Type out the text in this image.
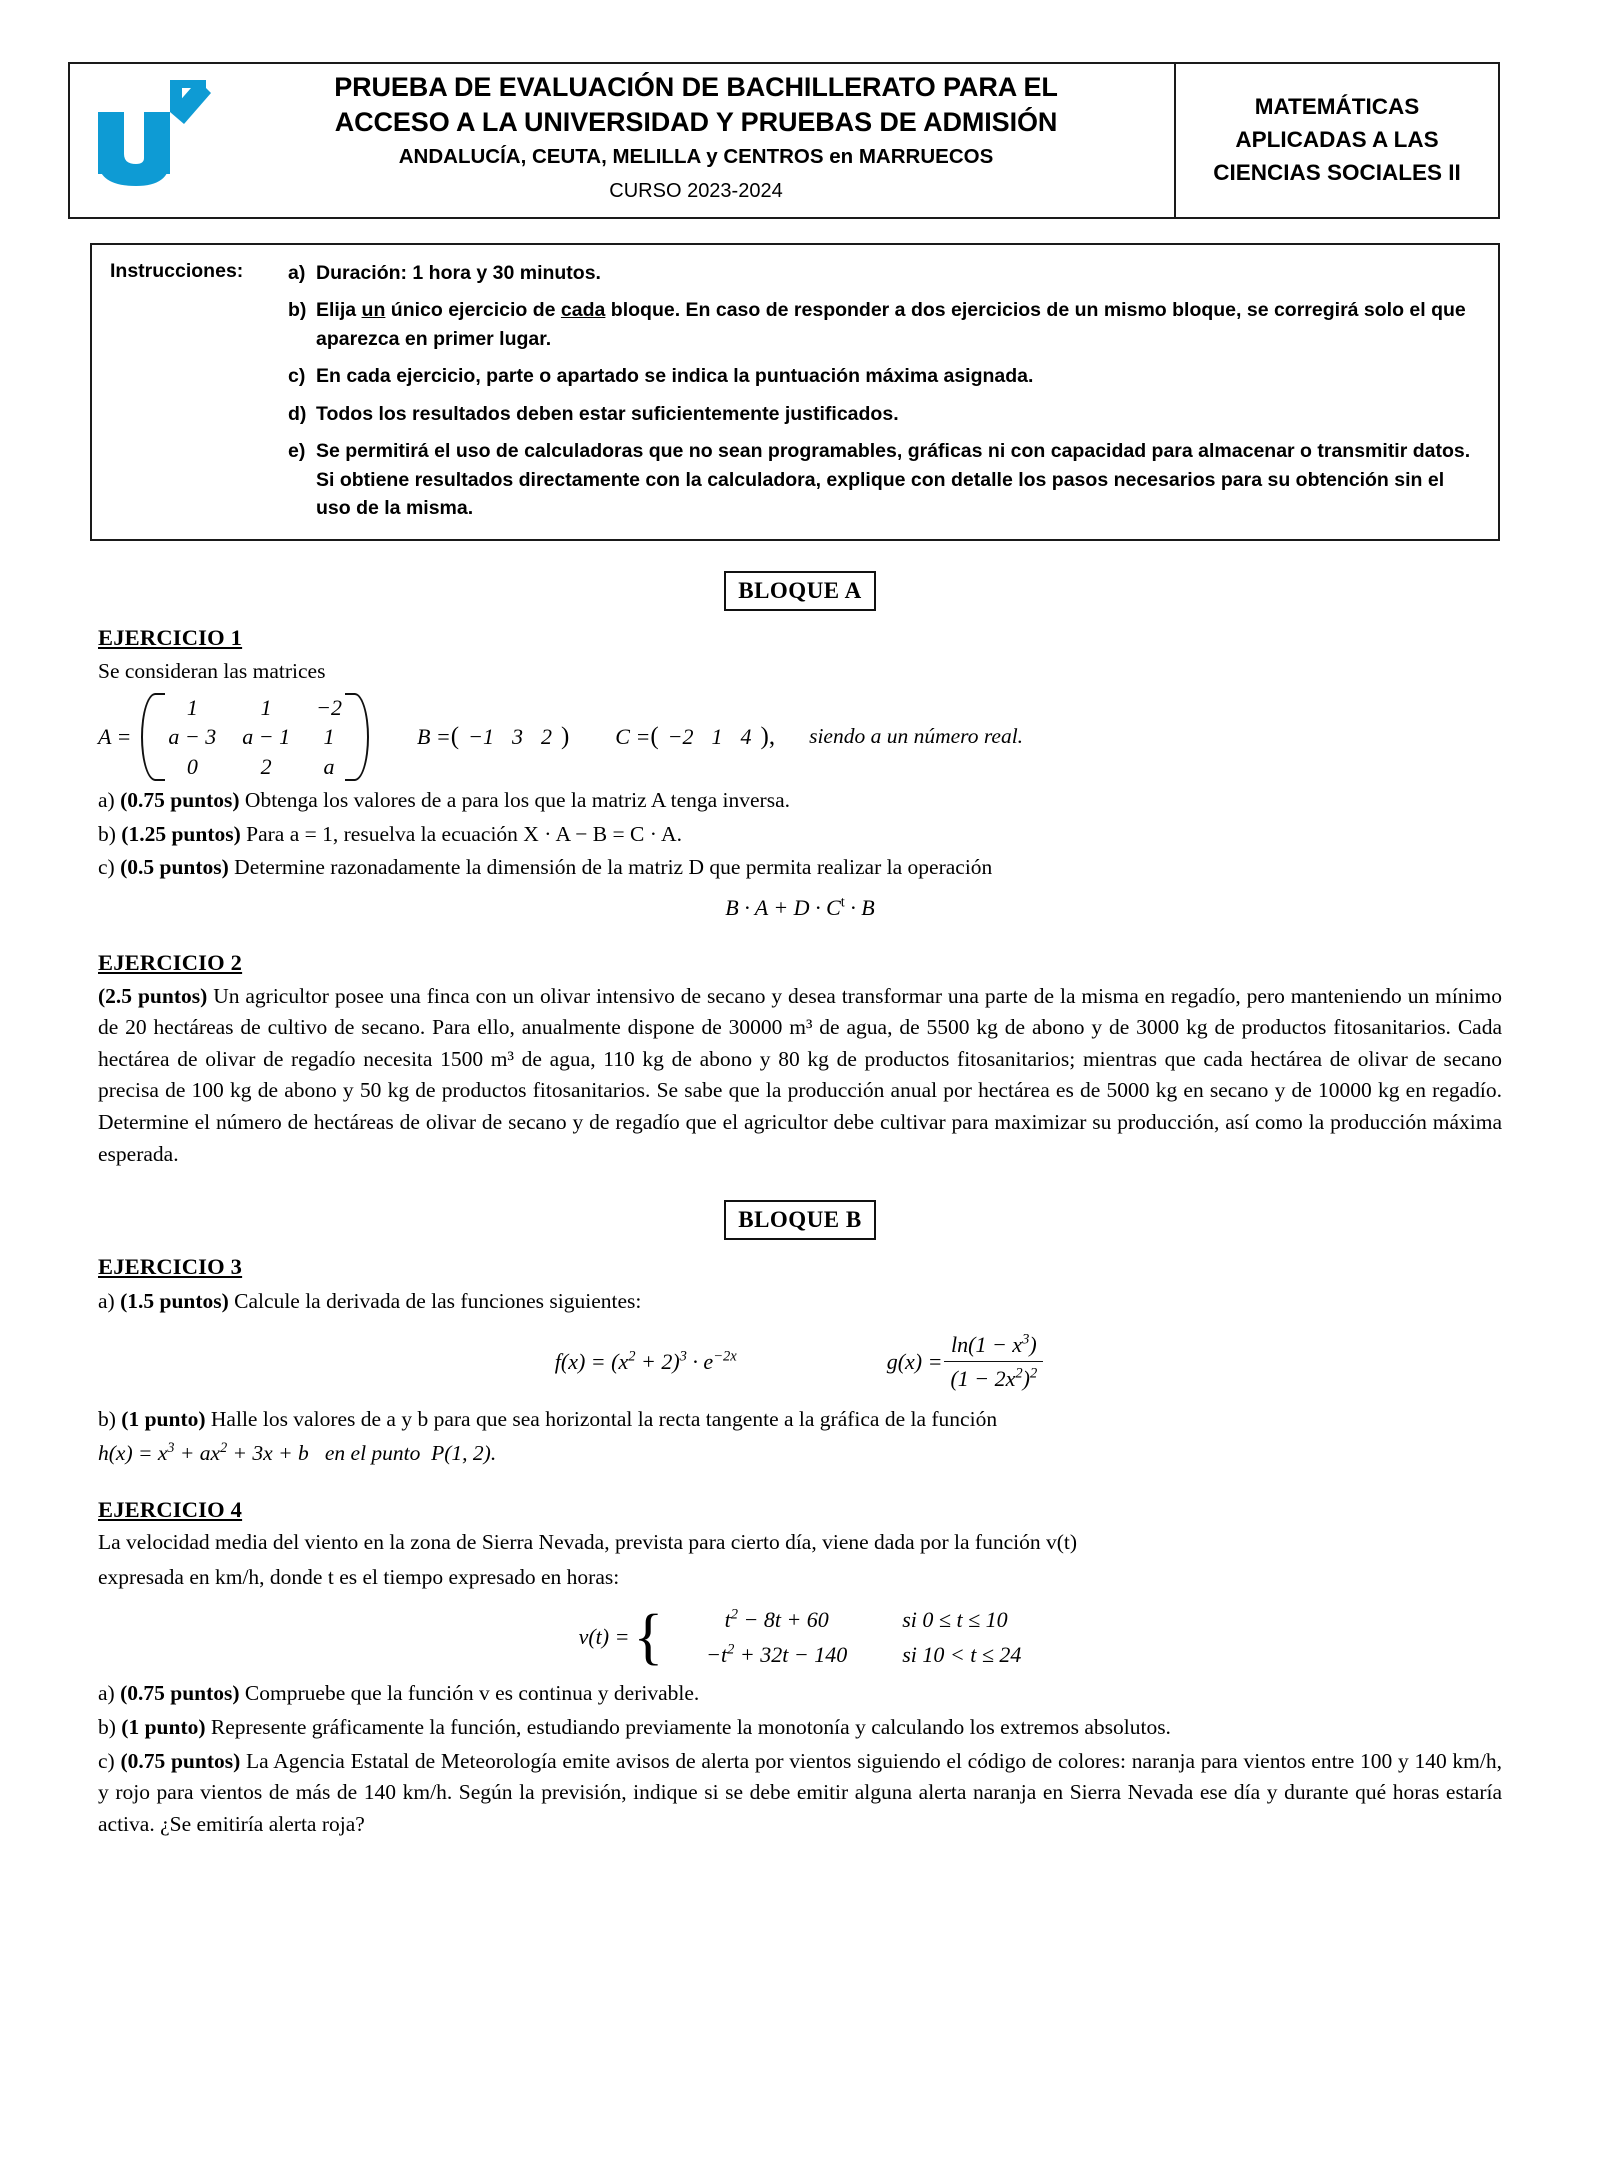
PRUEBA DE EVALUACIÓN DE BACHILLERATO PARA EL
ACCESO A LA UNIVERSIDAD Y PRUEBAS DE ADMISIÓN
ANDALUCÍA, CEUTA, MELILLA y CENTROS en MARRUECOS
CURSO 2023-2024
MATEMÁTICAS
APLICADAS A LAS
CIENCIAS SOCIALES II
Instrucciones:	a) Duración: 1 hora y 30 minutos.
b) Elija un único ejercicio de cada bloque. En caso de responder a dos ejercicios de un mismo bloque, se corregirá solo el que aparezca en primer lugar.
c) En cada ejercicio, parte o apartado se indica la puntuación máxima asignada.
d) Todos los resultados deben estar suficientemente justificados.
e) Se permitirá el uso de calculadoras que no sean programables, gráficas ni con capacidad para almacenar o transmitir datos. Si obtiene resultados directamente con la calculadora, explique con detalle los pasos necesarios para su obtención sin el uso de la misma.
BLOQUE A
EJERCICIO 1
Se consideran las matrices
A =
1	1	−2
a − 3	a − 1	1
0	2	a
B = ( −1 3 2 ) C = ( −2 1 4 ), siendo a un número real.
a) (0.75 puntos) Obtenga los valores de a para los que la matriz A tenga inversa.
b) (1.25 puntos) Para a = 1, resuelva la ecuación X · A − B = C · A.
c) (0.5 puntos) Determine razonadamente la dimensión de la matriz D que permita realizar la operación
$B \cdot A + D \cdot C^t \cdot B$
EJERCICIO 2
(2.5 puntos) Un agricultor posee una finca con un olivar intensivo de secano y desea transformar una parte de la misma en regadío, pero manteniendo un mínimo de 20 hectáreas de cultivo de secano. Para ello, anualmente dispone de 30000 m³ de agua, de 5500 kg de abono y de 3000 kg de productos fitosanitarios. Cada hectárea de olivar de regadío necesita 1500 m³ de agua, 110 kg de abono y 80 kg de productos fitosanitarios; mientras que cada hectárea de olivar de secano precisa de 100 kg de abono y 50 kg de productos fitosanitarios. Se sabe que la producción anual por hectárea es de 5000 kg en secano y de 10000 kg en regadío. Determine el número de hectáreas de olivar de secano y de regadío que el agricultor debe cultivar para maximizar su producción, así como la producción máxima esperada.
BLOQUE B
EJERCICIO 3
a) (1.5 puntos) Calcule la derivada de las funciones siguientes:
$f(x) = (x^2 + 2)^3 \cdot e^{-2x}$	$g(x) = \frac{\ln(1 - x^3)}{(1 - 2x^2)^2}$
b) (1 punto) Halle los valores de a y b para que sea horizontal la recta tangente a la gráfica de la función
$h(x) = x^3 + ax^2 + 3x + b$   en el punto  P(1, 2).
EJERCICIO 4
La velocidad media del viento en la zona de Sierra Nevada, prevista para cierto día, viene dada por la función v(t)
expresada en km/h, donde t es el tiempo expresado en horas:
v(t) = {	$t^2 - 8t + 60$	si 0 ≤ t ≤ 10
$-t^2 + 32t - 140$	si 10 < t ≤ 24
a) (0.75 puntos) Compruebe que la función v es continua y derivable.
b) (1 punto) Represente gráficamente la función, estudiando previamente la monotonía y calculando los extremos absolutos.
c) (0.75 puntos) La Agencia Estatal de Meteorología emite avisos de alerta por vientos siguiendo el código de colores: naranja para vientos entre 100 y 140 km/h, y rojo para vientos de más de 140 km/h. Según la previsión, indique si se debe emitir alguna alerta naranja en Sierra Nevada ese día y durante qué horas estaría activa. ¿Se emitiría alerta roja?
